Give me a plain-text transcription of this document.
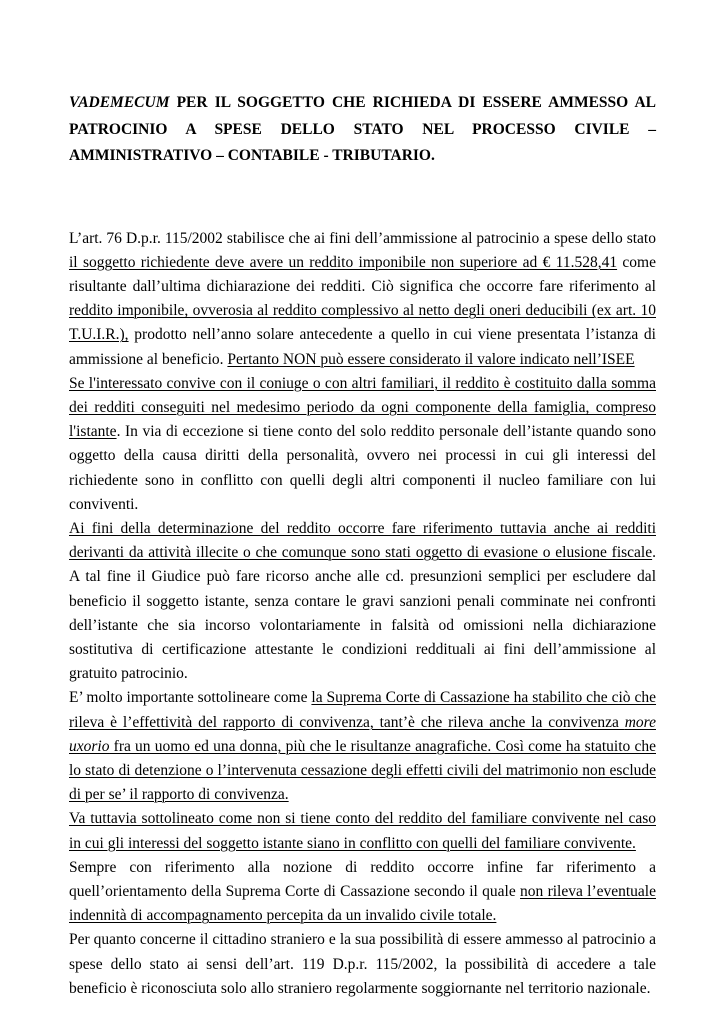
VADEMECUM PER IL SOGGETTO CHE RICHIEDA DI ESSERE AMMESSO AL PATROCINIO A SPESE DELLO STATO NEL PROCESSO CIVILE – AMMINISTRATIVO – CONTABILE - TRIBUTARIO.

L’art. 76 D.p.r. 115/2002 stabilisce che ai fini dell’ammissione al patrocinio a spese dello stato il soggetto richiedente deve avere un reddito imponibile non superiore ad € 11.528,41 come risultante dall’ultima dichiarazione dei redditi. Ciò significa che occorre fare riferimento al reddito imponibile, ovverosia al reddito complessivo al netto degli oneri deducibili (ex art. 10 T.U.I.R.), prodotto nell’anno solare antecedente a quello in cui viene presentata l’istanza di ammissione al beneficio. Pertanto NON può essere considerato il valore indicato nell’ISEE

Se l'interessato convive con il coniuge o con altri familiari, il reddito è costituito dalla somma dei redditi conseguiti nel medesimo periodo da ogni componente della famiglia, compreso l'istante. In via di eccezione si tiene conto del solo reddito personale dell’istante quando sono oggetto della causa diritti della personalità, ovvero nei processi in cui gli interessi del richiedente sono in conflitto con quelli degli altri componenti il nucleo familiare con lui conviventi.

Ai fini della determinazione del reddito occorre fare riferimento tuttavia anche ai redditi derivanti da attività illecite o che comunque sono stati oggetto di evasione o elusione fiscale. A tal fine il Giudice può fare ricorso anche alle cd. presunzioni semplici per escludere dal beneficio il soggetto istante, senza contare le gravi sanzioni penali comminate nei confronti dell’istante che sia incorso volontariamente in falsità od omissioni nella dichiarazione sostitutiva di certificazione attestante le condizioni reddituali ai fini dell’ammissione al gratuito patrocinio.

E’ molto importante sottolineare come la Suprema Corte di Cassazione ha stabilito che ciò che rileva è l’effettività del rapporto di convivenza, tant’è che rileva anche la convivenza more uxorio fra un uomo ed una donna, più che le risultanze anagrafiche. Così come ha statuito che lo stato di detenzione o l’intervenuta cessazione degli effetti civili del matrimonio non esclude di per se’ il rapporto di convivenza.

Va tuttavia sottolineato come non si tiene conto del reddito del familiare convivente nel caso in cui gli interessi del soggetto istante siano in conflitto con quelli del familiare convivente.

Sempre con riferimento alla nozione di reddito occorre infine far riferimento a quell’orientamento della Suprema Corte di Cassazione secondo il quale non rileva l’eventuale indennità di accompagnamento percepita da un invalido civile totale.

Per quanto concerne il cittadino straniero e la sua possibilità di essere ammesso al patrocinio a spese dello stato ai sensi dell’art. 119 D.p.r. 115/2002, la possibilità di accedere a tale beneficio è riconosciuta solo allo straniero regolarmente soggiornante nel territorio nazionale.
